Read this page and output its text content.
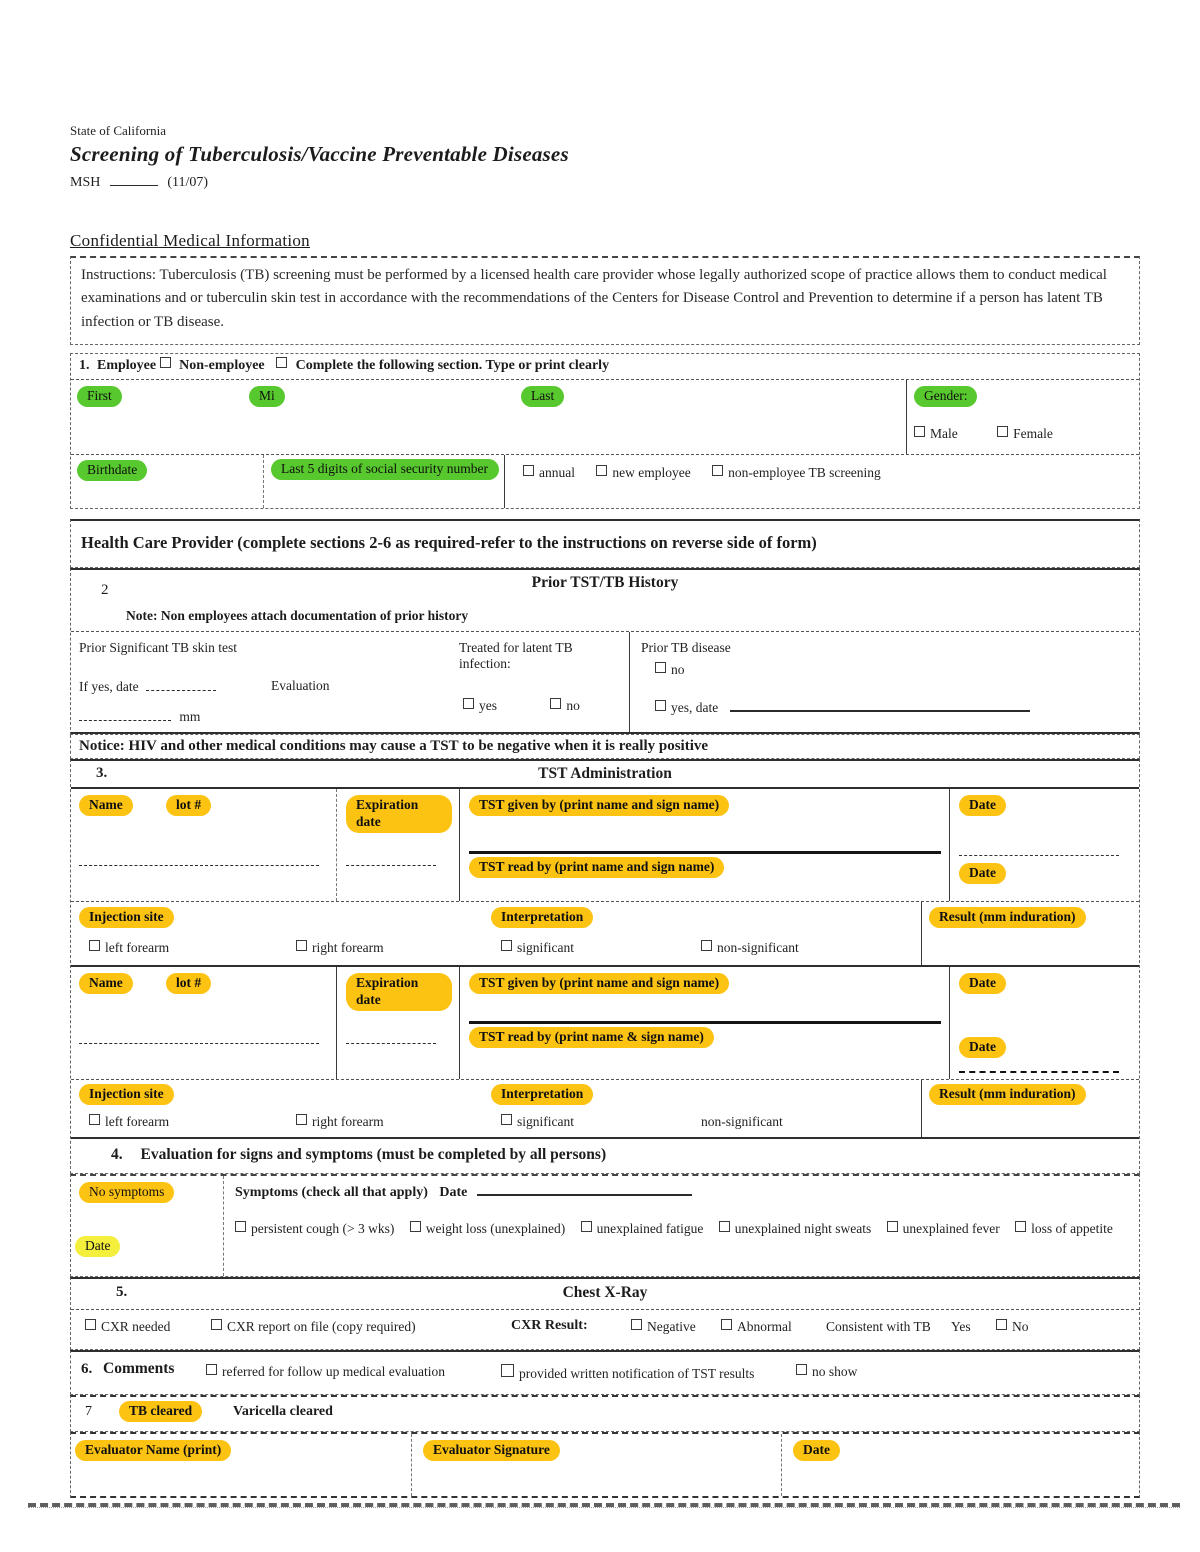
State of California
Screening of Tuberculosis/Vaccine Preventable Diseases
MSH	(11/07)
Confidential Medical Information
Instructions: Tuberculosis (TB) screening must be performed by a licensed health care provider whose legally authorized scope of practice allows them to conduct medical examinations and or tuberculin skin test in accordance with the recommendations of the Centers for Disease Control and Prevention to determine if a person has latent TB infection or TB disease.
1. Employee Non-employee Complete the following section. Type or print clearly
First	Mi	Last	Gender:
Male	Female
Birthdate	Last 5 digits of social security number	annual	new employee	non-employee TB screening
Health Care Provider (complete sections 2-6 as required-refer to the instructions on reverse side of form)
2	Prior TST/TB History
Note: Non employees attach documentation of prior history
Prior Significant TB skin test
If yes, date	Evaluation
mm
Treated for latent TB infection:
yes	no
Prior TB disease
no
yes, date
Notice: HIV and other medical conditions may cause a TST to be negative when it is really positive
3.	TST Administration
Name	lot #	Expiration date
TST given by (print name and sign name)	Date
TST read by (print name and sign name)	Date
Injection site	Interpretation	Result (mm induration)
left forearm	right forearm	significant	non-significant
Name	lot #	Expiration date
TST given by (print name and sign name)	Date
TST read by (print name & sign name)
Date
Injection site	Interpretation	Result (mm induration)
left forearm	right forearm	significant	non-significant
4. Evaluation for signs and symptoms (must be completed by all persons)
No symptoms
Date
Symptoms (check all that apply) Date
persistent cough (> 3 wks) weight loss (unexplained) unexplained fatigue unexplained night sweats unexplained fever loss of appetite
5.	Chest X-Ray
CXR needed	CXR report on file (copy required)	CXR Result:	Negative	Abnormal	Consistent with TB Yes	No
6. Comments	referred for follow up medical evaluation	provided written notification of TST results	no show
7	TB cleared	Varicella cleared
Evaluator Name (print)	Evaluator Signature	Date
